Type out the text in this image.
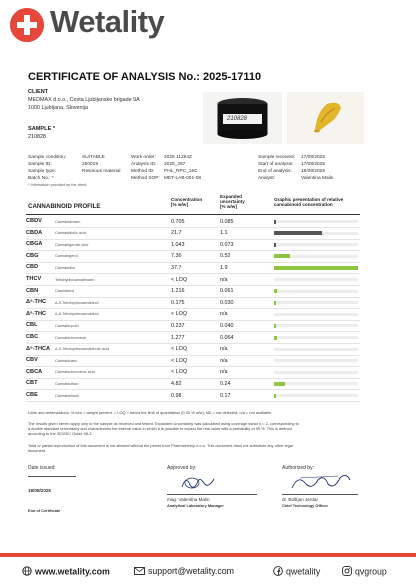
Wetality
CERTIFICATE OF ANALYSIS No.: 2025-17110
CLIENT
MEDMAX d.o.o., Cesta Ljubljanske brigade 9A
1000 Ljubljana, Slovenija
SAMPLE *
210828
210828
Sample condition:	SUITABLE
Sample ID:	250019
Sample type:	Resinous material
Batch No.: *
Work order: 2025 11294Z
Analysis ID: 2025_287
Method ID: PHL_RPC_16C
Method SOP: MET-LAB-001-08
Sample received: 17/08/2025
Start of analysis: 17/08/2025
End of analysis: 18/08/2025
Analyst:	Valentina Malin
* Information provided by the client.
CANNABINOID PROFILE
Concentration
[% w/w]
Expanded
uncertainty
[% w/w]
Graphic presentation of relative
cannabinoid concentration
CBDV	Cannabidivarin	0.705	0.085
CBDA	Cannabidiolic acid	21.7	1.1
CBGA	Cannabigerolic acid	1.043	0.073
CBG	Cannabigerol	7.36	0.52
CBD	Cannabidiol	37.7	1.9
THCV	Tetrahydrocannabivarin	< LOQ	n/a
CBN	Cannabinol	1.216	0.061
Δ⁹-THC Δ-9-Tetrahydrocannabinol	0.175	0.030
Δ⁸-THC Δ-8-Tetrahydrocannabinol	< LOQ	n/a
CBL	Cannabicyclol	0.237	0.040
CBC	Cannabichromene	1.277	0.064
Δ⁹-THCA Δ-9-Tetrahydrocannabinolic acid	< LOQ	n/a
CBV	Cannabivarin	< LOQ	n/a
CBCA	Cannabichromenic acid	< LOQ	n/a
CBT	Cannabicitran	4.82	0.24
CBE	Cannabielsoin	0.98	0.17
Units and abbreviations: % w/w = weight percent, < LOQ = below the limit of quantitation (0.03 % w/w); ND = not detected; n/a = not available.
The results given herein apply only to the sample as received and tested. Expanded Uncertainty was calculated using coverage factor k = 2, corresponding to
a double standard uncertainty and characterizes the interval value in which it is possible to expect the real value with a probability of 95 %. This is defined
according to the ISO/IEC Guide 98-3.
Total or partial reproduction of this document is not allowed without the permit from PharmaHemp d.o.o. This document does not substitute any other legal
document.
Date issued:
18/08/2025
End of Certificate
Approved by:
mag. Valentina Malin
Analytical Laboratory Manager
Authorized by:
dr. Boštjan Jerdar
Chief Technology Officer
www.wetality.com	support@wetality.com	qwetality	qvgroup
